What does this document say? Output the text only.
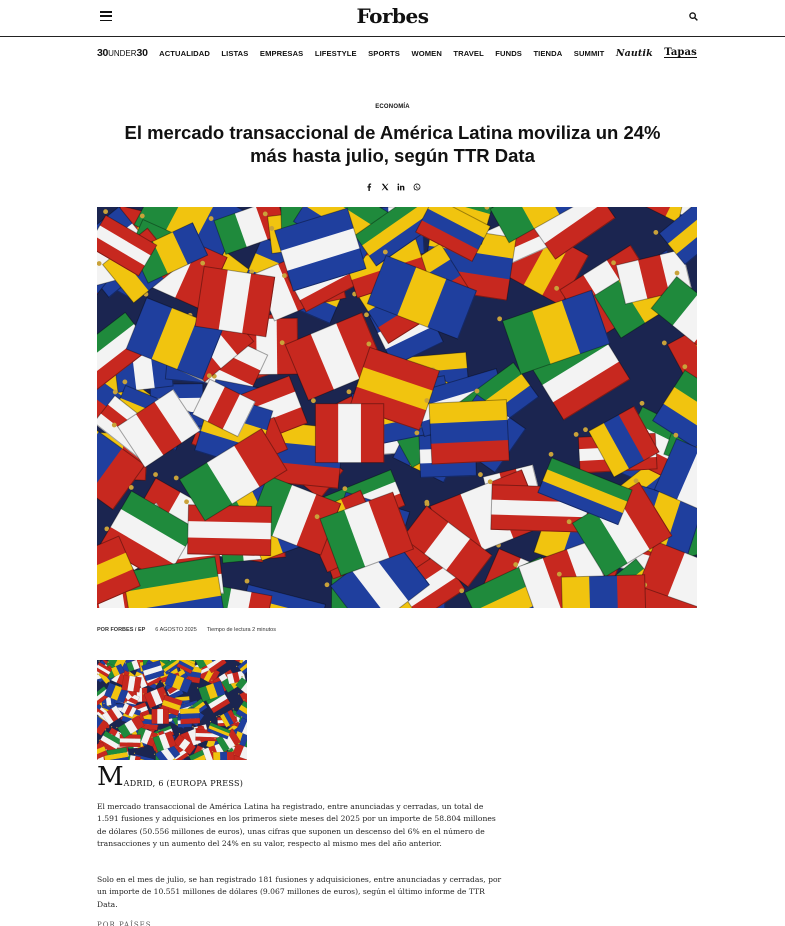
Forbes
30UNDER30 ACTUALIDAD LISTAS EMPRESAS LIFESTYLE SPORTS WOMEN TRAVEL FUNDS TIENDA SUMMIT Nautik Tapas
ECONOMÍA
El mercado transaccional de América Latina moviliza un 24% más hasta julio, según TTR Data
POR FORBES / EP 6 AGOSTO 2025 Tiempo de lectura 2 minutos
M ADRID, 6 (EUROPA PRESS)

El mercado transaccional de América Latina ha registrado, entre anunciadas y cerradas, un total de 1.591 fusiones y adquisiciones en los primeros siete meses del 2025 por un importe de 58.804 millones de dólares (50.556 millones de euros), unas cifras que suponen un descenso del 6% en el número de transacciones y un aumento del 24% en su valor, respecto al mismo mes del año anterior.

Solo en el mes de julio, se han registrado 181 fusiones y adquisiciones, entre anunciadas y cerradas, por un importe de 10.551 millones de dólares (9.067 millones de euros), según el último informe de TTR Data.

POR PAÍSES
